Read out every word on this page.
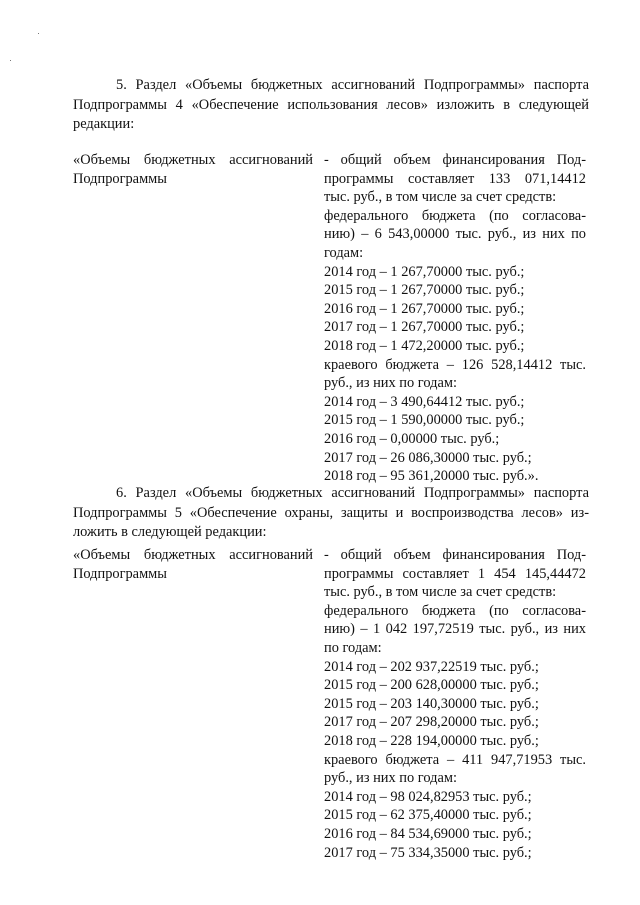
5. Раздел «Объемы бюджетных ассигнований Подпрограммы» паспорта
Подпрограммы 4 «Обеспечение использования лесов» изложить в следующей
редакции:
«Объемы бюджетных ассигнований
Подпрограммы
- общий объем финансирования Под-
программы составляет 133 071,14412
тыс. руб., в том числе за счет средств:
федерального бюджета (по согласова-
нию) – 6 543,00000 тыс. руб., из них по
годам:
2014 год – 1 267,70000 тыс. руб.;
2015 год – 1 267,70000 тыс. руб.;
2016 год – 1 267,70000 тыс. руб.;
2017 год – 1 267,70000 тыс. руб.;
2018 год – 1 472,20000 тыс. руб.;
краевого бюджета – 126 528,14412 тыс.
руб., из них по годам:
2014 год – 3 490,64412 тыс. руб.;
2015 год – 1 590,00000 тыс. руб.;
2016 год – 0,00000 тыс. руб.;
2017 год – 26 086,30000 тыс. руб.;
2018 год – 95 361,20000 тыс. руб.».
6. Раздел «Объемы бюджетных ассигнований Подпрограммы» паспорта
Подпрограммы 5 «Обеспечение охраны, защиты и воспроизводства лесов» из-
ложить в следующей редакции:
«Объемы бюджетных ассигнований
Подпрограммы
- общий объем финансирования Под-
программы составляет 1 454 145,44472
тыс. руб., в том числе за счет средств:
федерального бюджета (по согласова-
нию) – 1 042 197,72519 тыс. руб., из них
по годам:
2014 год – 202 937,22519 тыс. руб.;
2015 год – 200 628,00000 тыс. руб.;
2015 год – 203 140,30000 тыс. руб.;
2017 год – 207 298,20000 тыс. руб.;
2018 год – 228 194,00000 тыс. руб.;
краевого бюджета – 411 947,71953 тыс.
руб., из них по годам:
2014 год – 98 024,82953 тыс. руб.;
2015 год – 62 375,40000 тыс. руб.;
2016 год – 84 534,69000 тыс. руб.;
2017 год – 75 334,35000 тыс. руб.;
